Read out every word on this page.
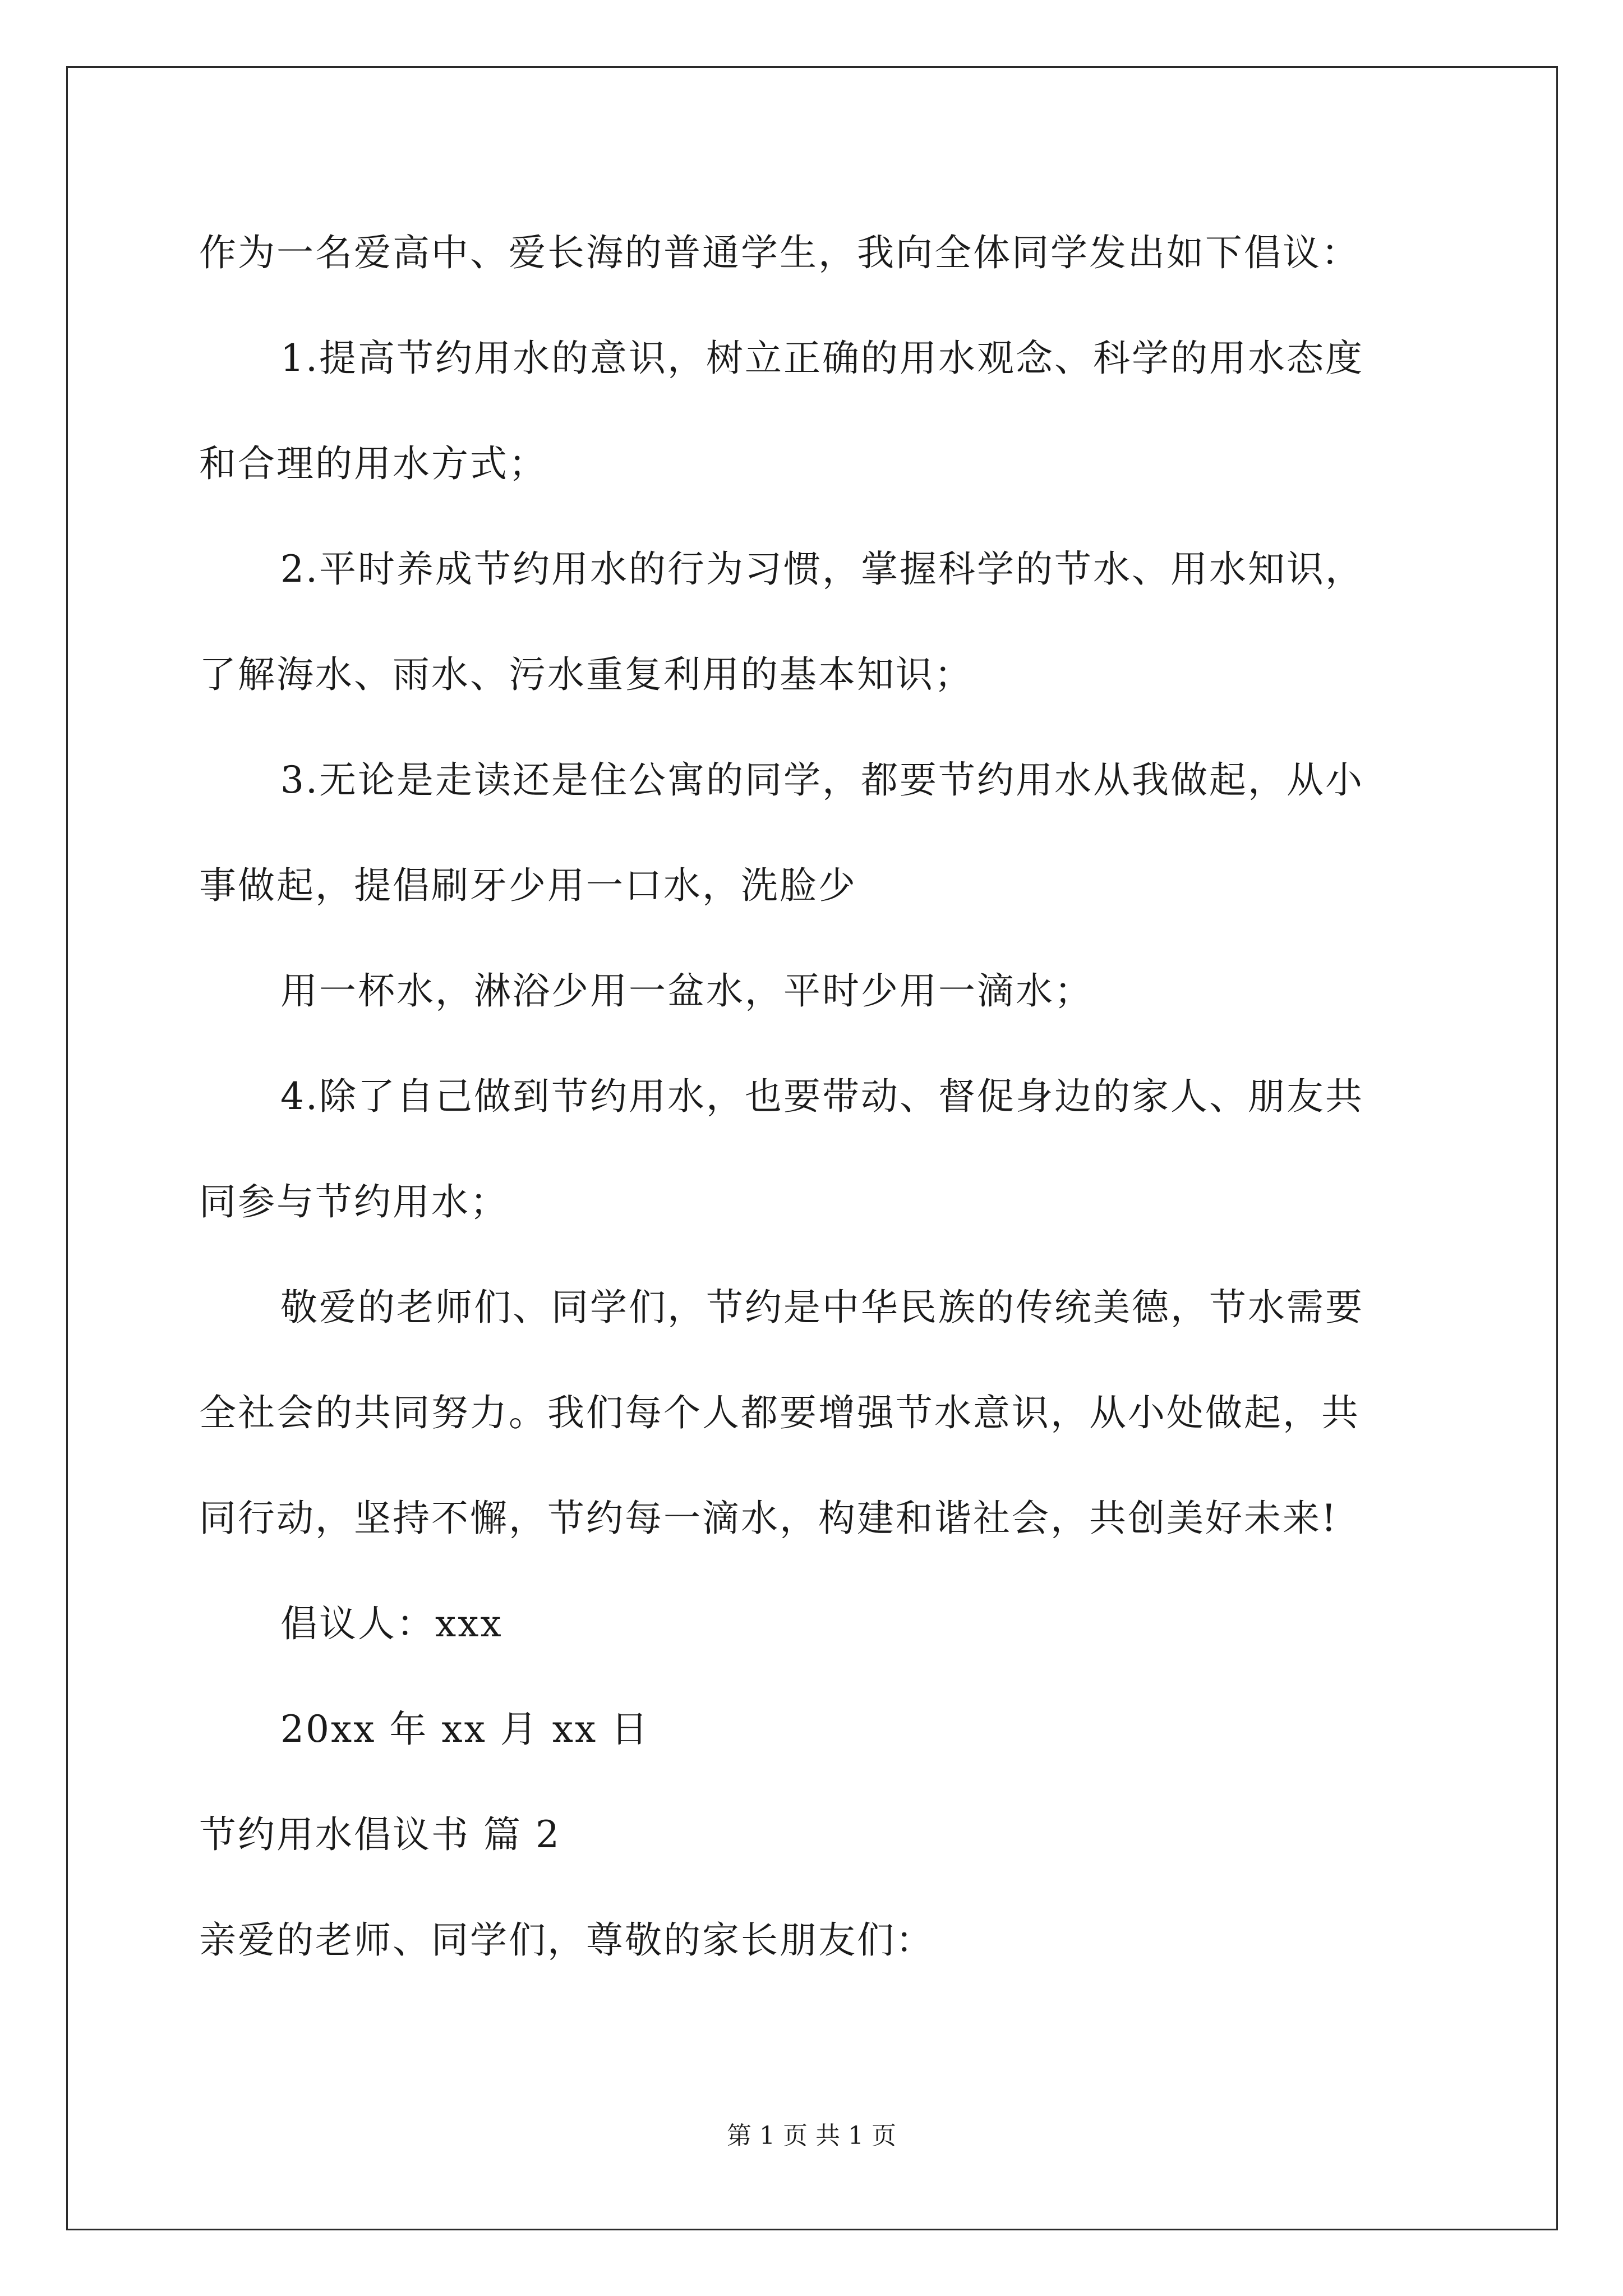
作为一名爱高中、爱长海的普通学生，我向全体同学发出如下倡议：
1.提高节约用水的意识，树立正确的用水观念、科学的用水态度
和合理的用水方式；
2.平时养成节约用水的行为习惯，掌握科学的节水、用水知识，
了解海水、雨水、污水重复利用的基本知识；
3.无论是走读还是住公寓的同学，都要节约用水从我做起，从小
事做起，提倡刷牙少用一口水，洗脸少
用一杯水，淋浴少用一盆水，平时少用一滴水；
4.除了自己做到节约用水，也要带动、督促身边的家人、朋友共
同参与节约用水；
敬爱的老师们、同学们，节约是中华民族的传统美德，节水需要
全社会的共同努力。我们每个人都要增强节水意识，从小处做起，共
同行动，坚持不懈，节约每一滴水，构建和谐社会，共创美好未来!
倡议人：xxx
20xx 年 xx 月 xx 日
节约用水倡议书 篇 2
亲爱的老师、同学们，尊敬的家长朋友们：
第 1 页 共 1 页
